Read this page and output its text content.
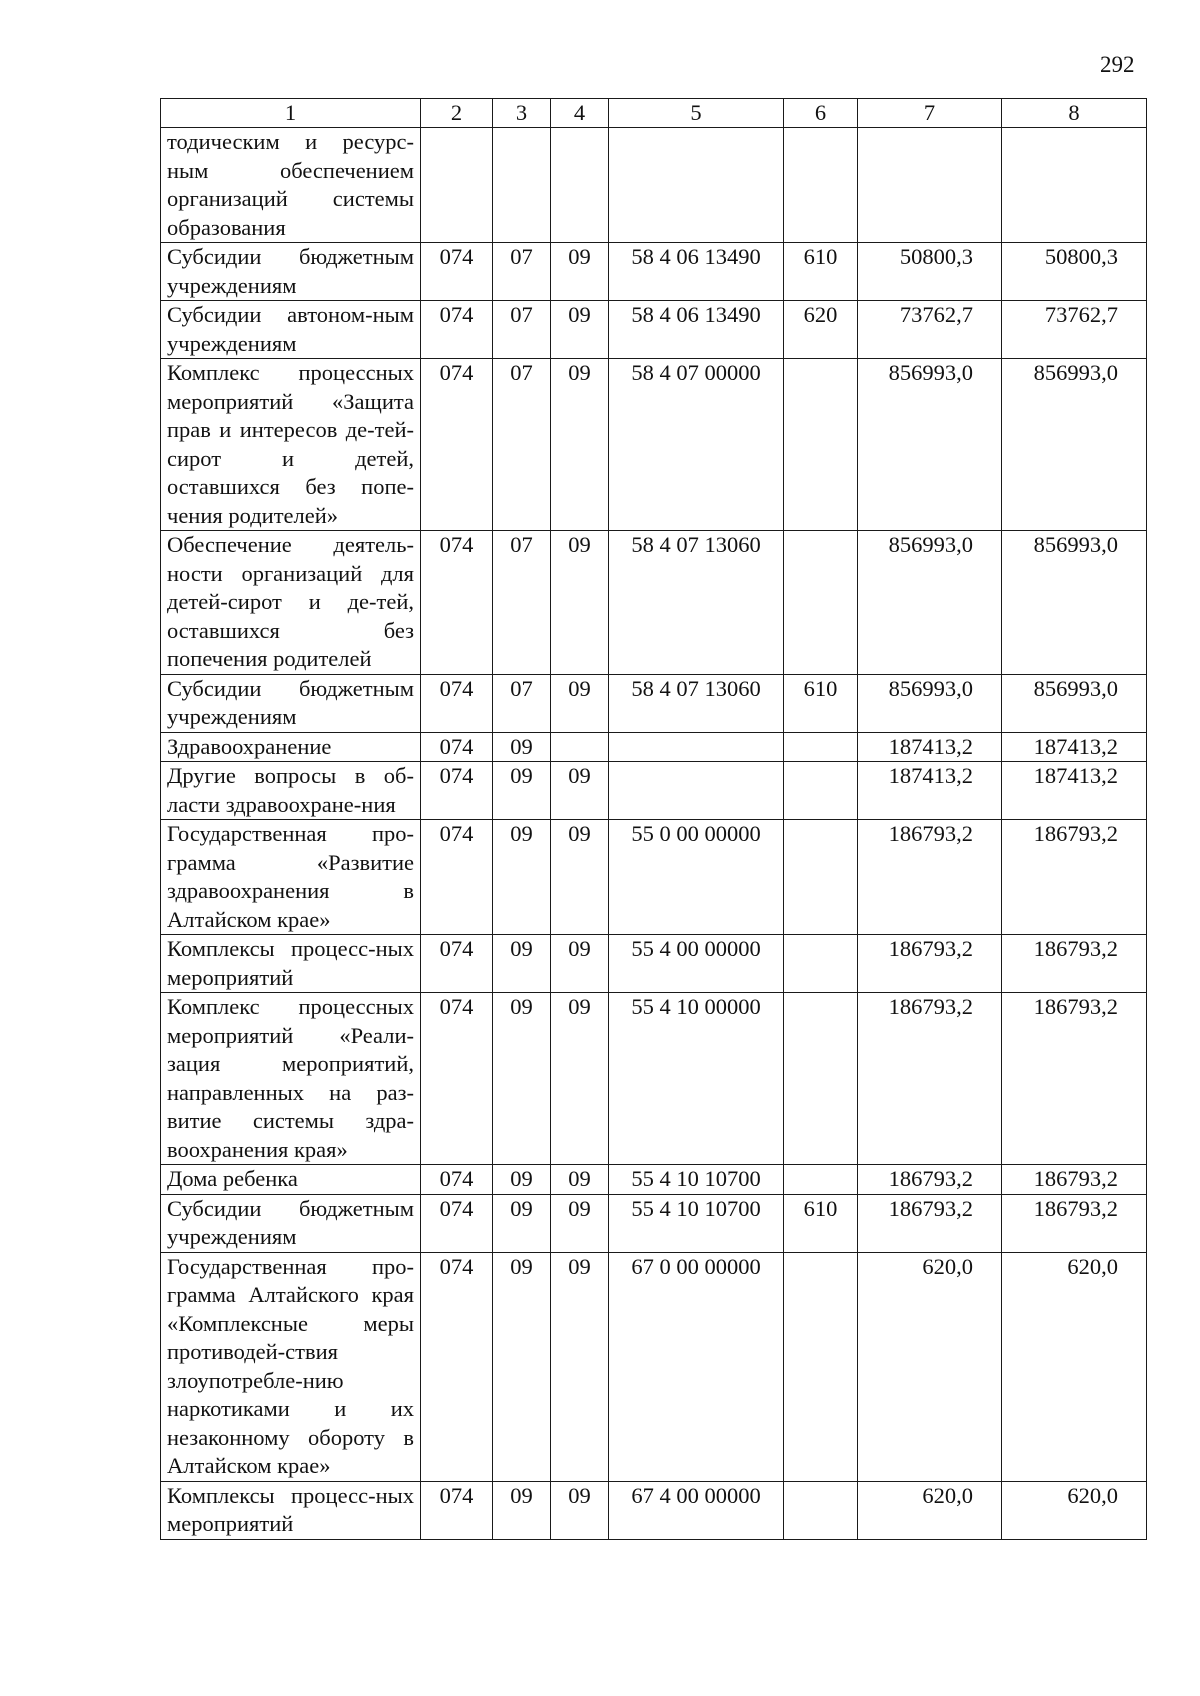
292
1	2	3	4	5	6	7	8
тодическим и ресурс-ным обеспечением организаций системы образования							
Субсидии бюджетным учреждениям	074	07	09	58 4 06 13490	610	50800,3	50800,3
Субсидии автоном-ным учреждениям	074	07	09	58 4 06 13490	620	73762,7	73762,7
Комплекс процессных мероприятий «Защита прав и интересов де-тей-сирот и детей, оставшихся без попе-чения родителей»	074	07	09	58 4 07 00000		856993,0	856993,0
Обеспечение деятель-ности организаций для детей-сирот и де-тей, оставшихся без попечения родителей	074	07	09	58 4 07 13060		856993,0	856993,0
Субсидии бюджетным учреждениям	074	07	09	58 4 07 13060	610	856993,0	856993,0
Здравоохранение	074	09				187413,2	187413,2
Другие вопросы в об-ласти здравоохране-ния	074	09	09			187413,2	187413,2
Государственная про-грамма «Развитие здравоохранения в Алтайском крае»	074	09	09	55 0 00 00000		186793,2	186793,2
Комплексы процесс-ных мероприятий	074	09	09	55 4 00 00000		186793,2	186793,2
Комплекс процессных мероприятий «Реали-зация мероприятий, направленных на раз-витие системы здра-воохранения края»	074	09	09	55 4 10 00000		186793,2	186793,2
Дома ребенка	074	09	09	55 4 10 10700		186793,2	186793,2
Субсидии бюджетным учреждениям	074	09	09	55 4 10 10700	610	186793,2	186793,2
Государственная про-грамма Алтайского края «Комплексные меры противодей-ствия злоупотребле-нию наркотиками и их незаконному обороту в Алтайском крае»	074	09	09	67 0 00 00000		620,0	620,0
Комплексы процесс-ных мероприятий	074	09	09	67 4 00 00000		620,0	620,0
